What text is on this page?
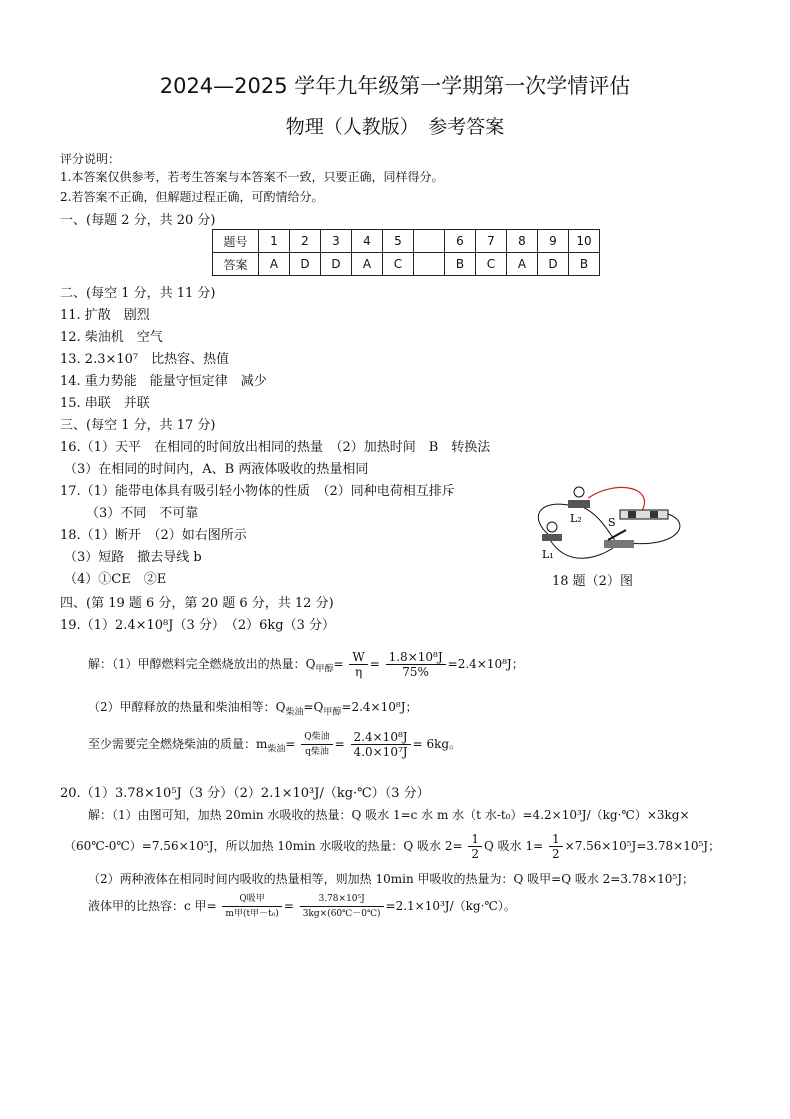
2024—2025 学年九年级第一学期第一次学情评估
物理（人教版）　参考答案
评分说明：
1.本答案仅供参考，若考生答案与本答案不一致，只要正确，同样得分。
2.若答案不正确，但解题过程正确，可酌情给分。
一、(每题 2 分，共 20 分)
题号	1	2	3	4	5		6	7	8	9	10
答案	A	D	D	A	C		B	C	A	D	B
二、(每空 1 分，共 11 分)
11. 扩散　剧烈
12. 柴油机　空气
13. 2.3×10⁷　比热容、热值
14. 重力势能　能量守恒定律　减少
15. 串联　并联
三、(每空 1 分，共 17 分)
16.（1）天平　在相同的时间放出相同的热量　（2）加热时间　B　转换法
（3）在相同的时间内，A、B 两液体吸收的热量相同
17.（1）能带电体具有吸引轻小物体的性质　（2）同种电荷相互排斥
（3）不同　不可靠
18.（1）断开　（2）如右图所示
（3）短路　撤去导线 b
（4）①CE　②E
L₂ S
L₁
18 题（2）图
四、(第 19 题 6 分，第 20 题 6 分，共 12 分)
19.（1）2.4×10⁸J（3 分）　（2）6kg（3 分）
解：（1）甲醇燃料完全燃烧放出的热量：$Q_{甲醇}= \frac{W}{\eta} = \frac{\text{1.8×10⁸J}}{75\%} =2.4\times 10^8J$；
（2）甲醇释放的热量和柴油相等：$Q_{柴油}=Q_{甲醇}=2.4\times 10^8J$；
至少需要完全燃烧柴油的质量：$m_{柴油}= \frac{\text{Q柴油}}{\text{q柴油}} = \frac{\text{2.4×10⁸J}}{\text{4.0×10⁷J}} = 6kg$。
20.（1）3.78×10⁵J（3 分）（2）2.1×10³J/（kg·℃）（3 分）
解：（1）由图可知，加热 20min 水吸收的热量：Q 吸水 1=c 水 m 水（t 水-t₀）=4.2×10³J/（kg·℃）×3kg×
（60℃-0℃）=7.56×10⁵J，所以加热 10min 水吸收的热量：Q 吸水 $2= \frac{1}{2}$ Q 吸水 $1= \frac{1}{2} \times 7.56\times 10^5J=3.78\times 10^5J$；
（2）两种液体在相同时间内吸收的热量相等，则加热 10min 甲吸收的热量为：Q 吸甲=Q 吸水 2=3.78×10⁵J；
液体甲的比热容：c 甲= $\frac{\text{Q吸甲}}{\text{m甲(t甲－t₀)}} = \frac{\text{3.78×10⁵J}}{3kg\times(60℃-0℃)}$ =2.1×10³J/（kg·℃）。
